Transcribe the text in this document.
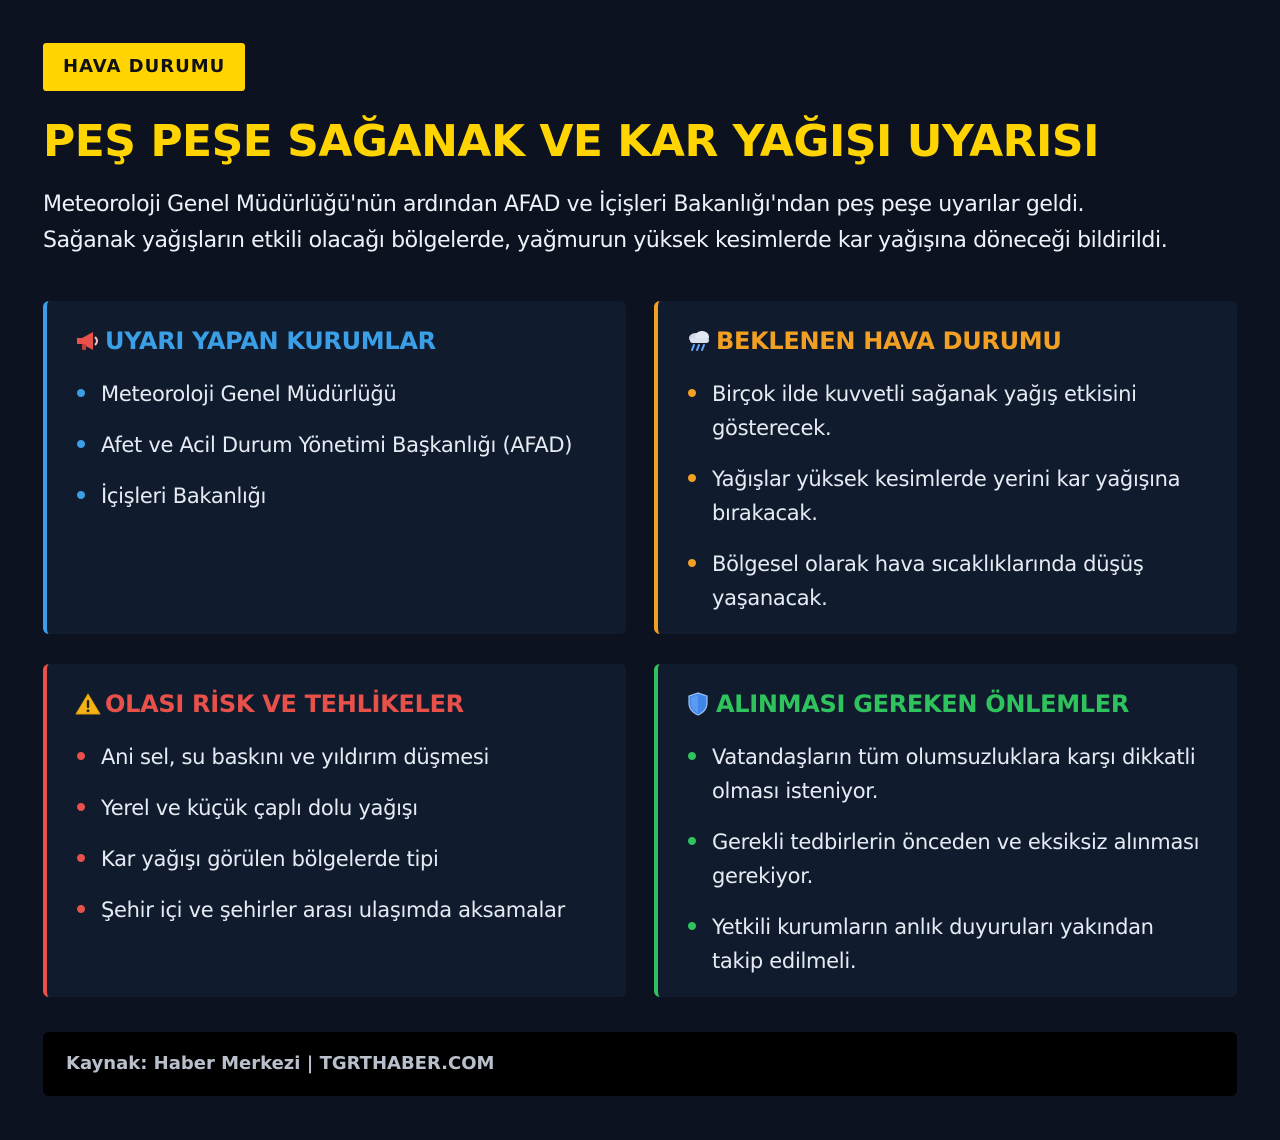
HAVA DURUMU
PEŞ PEŞE SAĞANAK VE KAR YAĞIŞI UYARISI

Meteoroloji Genel Müdürlüğü'nün ardından AFAD ve İçişleri Bakanlığı'ndan peş peşe uyarılar geldi.

Sağanak yağışların etkili olacağı bölgelerde, yağmurun yüksek kesimlerde kar yağışına döneceği bildirildi.

UYARI YAPAN KURUMLAR
Meteoroloji Genel Müdürlüğü
Afet ve Acil Durum Yönetimi Başkanlığı (AFAD)
İçişleri Bakanlığı
BEKLENEN HAVA DURUMU
Birçok ilde kuvvetli sağanak yağış etkisini gösterecek.
Yağışlar yüksek kesimlerde yerini kar yağışına bırakacak.
Bölgesel olarak hava sıcaklıklarında düşüş yaşanacak.
OLASI RİSK VE TEHLİKELER
Ani sel, su baskını ve yıldırım düşmesi
Yerel ve küçük çaplı dolu yağışı
Kar yağışı görülen bölgelerde tipi
Şehir içi ve şehirler arası ulaşımda aksamalar
ALINMASI GEREKEN ÖNLEMLER
Vatandaşların tüm olumsuzluklara karşı dikkatli olması isteniyor.
Gerekli tedbirlerin önceden ve eksiksiz alınması gerekiyor.
Yetkili kurumların anlık duyuruları yakından takip edilmeli.
Kaynak: Haber Merkezi | TGRTHABER.COM
